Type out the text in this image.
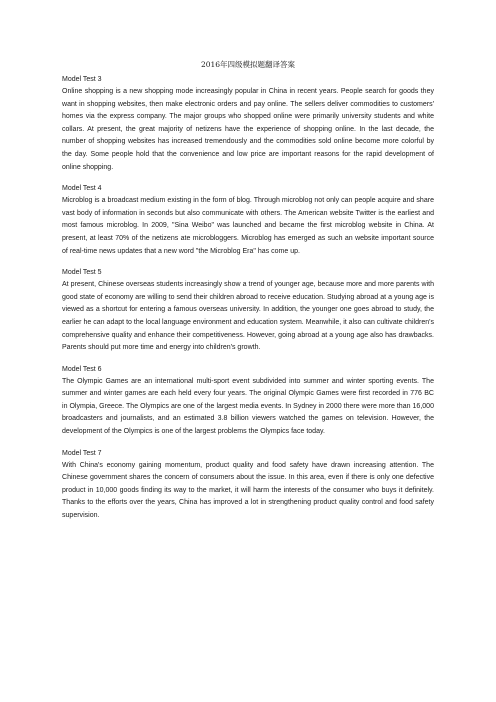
2016年四级模拟题翻译答案

Model Test 3

Online shopping is a new shopping mode increasingly popular in China in recent years. People search for goods they want in shopping websites, then make electronic orders and pay online. The sellers deliver commodities to customers' homes via the express company. The major groups who shopped online were primarily university students and white collars. At present, the great majority of netizens have the experience of shopping online. In the last decade, the number of shopping websites has increased tremendously and the commodities sold online become more colorful by the day. Some people hold that the convenience and low price are important reasons for the rapid development of online shopping.

Model Test 4

Microblog is a broadcast medium existing in the form of blog. Through microblog not only can people acquire and share vast body of information in seconds but also communicate with others. The American website Twitter is the earliest and most famous microblog. In 2009, "Sina Weibo" was launched and became the first microblog website in China. At present, at least 70% of the netizens ate microbloggers. Microblog has emerged as such an website important source of real-time news updates that a new word "the Microblog Era" has come up.

Model Test 5

At present, Chinese overseas students increasingly show a trend of younger age, because more and more parents with good state of economy are willing to send their children abroad to receive education. Studying abroad at a young age is viewed as a shortcut for entering a famous overseas university. In addition, the younger one goes abroad to study, the earlier he can adapt to the local language environment and education system. Meanwhile, it also can cultivate children's comprehensive quality and enhance their competitiveness. However, going abroad at a young age also has drawbacks. Parents should put more time and energy into children's growth.

Model Test 6

The Olympic Games are an international multi-sport event subdivided into summer and winter sporting events. The summer and winter games are each held every four years. The original Olympic Games were first recorded in 776 BC in Olympia, Greece. The Olympics are one of the largest media events. In Sydney in 2000 there were more than 16,000 broadcasters and journalists, and an estimated 3.8 billion viewers watched the games on television. However, the development of the Olympics is one of the largest problems the Olympics face today.

Model Test 7

With China's economy gaining momentum, product quality and food safety have drawn increasing attention. The Chinese government shares the concern of consumers about the issue. In this area, even if there is only one defective product in 10,000 goods finding its way to the market, it will harm the interests of the consumer who buys it definitely. Thanks to the efforts over the years, China has improved a lot in strengthening product quality control and food safety supervision.
